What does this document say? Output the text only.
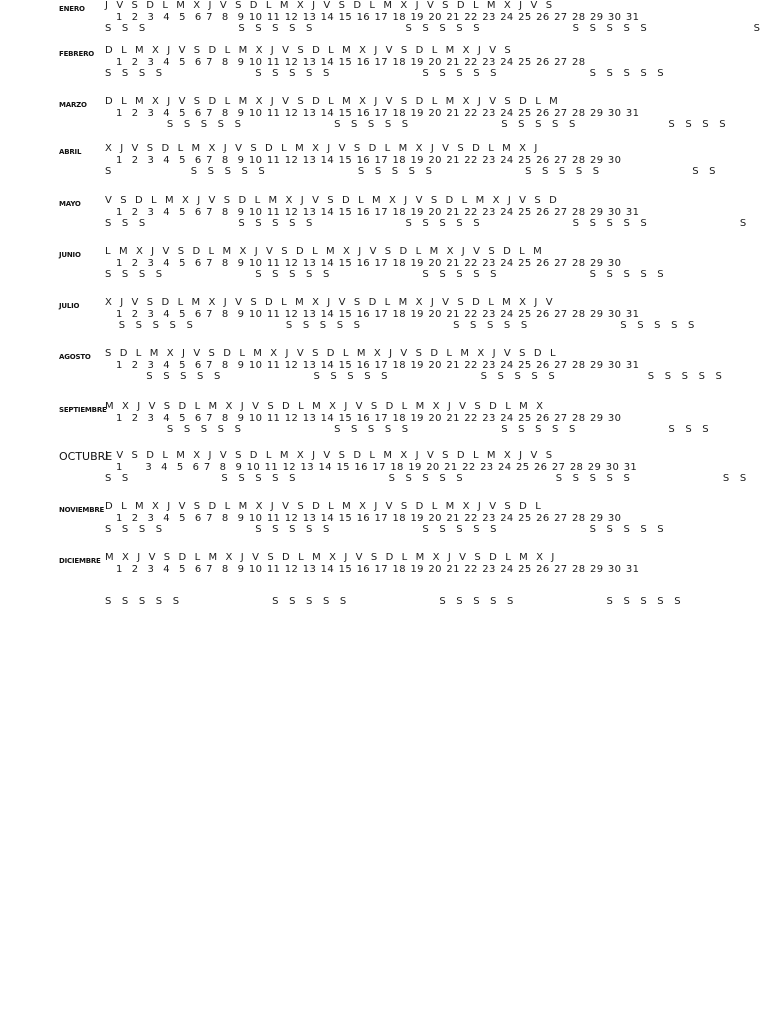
ENERO J V S D L M X J V S D L M X J V S D L M X J V S D L M X J V S
1  2  3  4  5  6 7  8  9 10 11 12 13 14 15 16 17 18 19 20 21 22 23 24 25 26 27 28 29 30 31
S S S             S S S S S             S S S S S             S S S S S               S
FEBRERO D L M X J V S D L M X J V S D L M X J V S D L M X J V S
1  2  3  4  5  6 7  8  9 10 11 12 13 14 15 16 17 18 19 20 21 22 23 24 25 26 27 28
S S S S             S S S S S             S S S S S             S S S S S
MARZO D L M X J V S D L M X J V S D L M X J V S D L M X J V S D L M
1  2  3  4  5  6 7  8  9 10 11 12 13 14 15 16 17 18 19 20 21 22 23 24 25 26 27 28 29 30 31
S S S S S             S S S S S             S S S S S             S S S S
ABRIL X J V S D L M X J V S D L M X J V S D L M X J V S D L M X J
1  2  3  4  5  6 7  8  9 10 11 12 13 14 15 16 17 18 19 20 21 22 23 24 25 26 27 28 29 30
S           S S S S S             S S S S S             S S S S S             S S
MAYO V S D L M X J V S D L M X J V S D L M X J V S D L M X J V S D
1  2  3  4  5  6 7  8  9 10 11 12 13 14 15 16 17 18 19 20 21 22 23 24 25 26 27 28 29 30 31
S S S             S S S S S             S S S S S             S S S S S             S
JUNIO L M X J V S D L M X J V S D L M X J V S D L M X J V S D L M
1  2  3  4  5  6 7  8  9 10 11 12 13 14 15 16 17 18 19 20 21 22 23 24 25 26 27 28 29 30
S S S S             S S S S S             S S S S S             S S S S S
JULIO	X J V S D L M X J V S D L M X J V S D L M X J V S D L M X J V
1  2  3  4  5  6 7  8  9 10 11 12 13 14 15 16 17 18 19 20 21 22 23 24 25 26 27 28 29 30 31
S S S S S             S S S S S             S S S S S             S S S S S
AGOSTO S D L M X J V S D L M X J V S D L M X J V S D L M X J V S D L
1  2  3  4  5  6 7  8  9 10 11 12 13 14 15 16 17 18 19 20 21 22 23 24 25 26 27 28 29 30 31
S S S S S             S S S S S             S S S S S             S S S S S
SEPTIEMBRE
M X J V S D L M X J V S D L M X J V S D L M X J V S D L M X
1  2  3  4  5  6 7  8  9 10 11 12 13 14 15 16 17 18 19 20 21 22 23 24 25 26 27 28 29 30
S S S S S             S S S S S             S S S S S             S S S
OCTUBRE
J V S D L M X J V S D L M X J V S D L M X J V S D L M X J V S
1     3  4  5  6 7  8  9 10 11 12 13 14 15 16 17 18 19 20 21 22 23 24 25 26 27 28 29 30 31
S S             S S S S S             S S S S S             S S S S S             S S
NOVIEMBRE D L M X J V S D L M X J V S D L M X J V S D L M X J V S D L
1  2  3  4  5  6 7  8  9 10 11 12 13 14 15 16 17 18 19 20 21 22 23 24 25 26 27 28 29 30
S S S S             S S S S S             S S S S S             S S S S S
DICIEMBRE M X J V S D L M X J V S D L M X J V S D L M X J V S D L M X J
1  2  3  4  5  6 7  8  9 10 11 12 13 14 15 16 17 18 19 20 21 22 23 24 25 26 27 28 29 30 31
S S S S S             S S S S S             S S S S S             S S S S S
